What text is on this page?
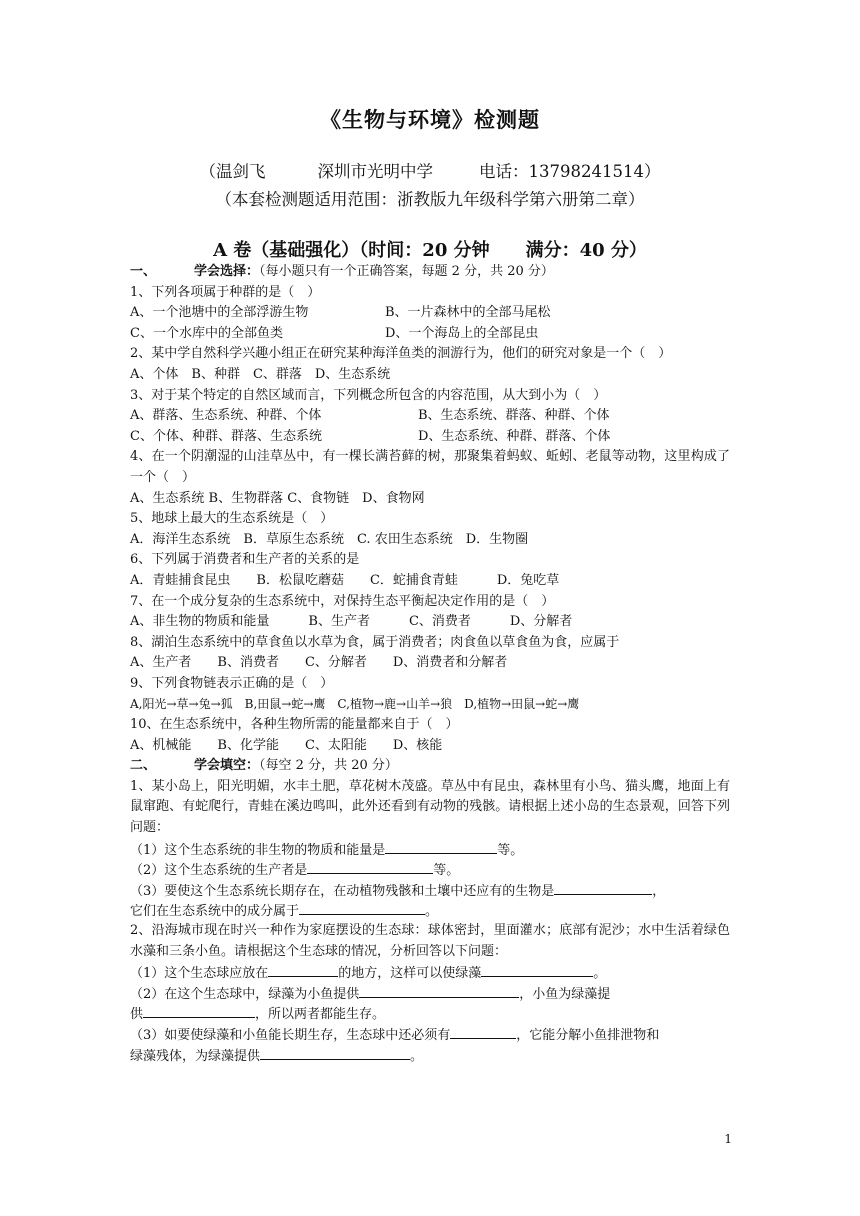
《生物与环境》检测题
（温剑飞	深圳市光明中学	电话：13798241514）
（本套检测题适用范围：浙教版九年级科学第六册第二章）
A 卷（基础强化）（时间：20 分钟 满分：40 分）
一、	学会选择：（每小题只有一个正确答案，每题 2 分，共 20 分）
1、下列各项属于种群的是（　）
A、一个池塘中的全部浮游生物	B、一片森林中的全部马尾松
C、一个水库中的全部鱼类	D、一个海岛上的全部昆虫
2、某中学自然科学兴趣小组正在研究某种海洋鱼类的洄游行为，他们的研究对象是一个（　）
A、个体　B、种群　C、群落　D、生态系统
3、对于某个特定的自然区域而言，下列概念所包含的内容范围，从大到小为（　）
A、群落、生态系统、种群、个体	B、生态系统、群落、种群、个体
C、个体、种群、群落、生态系统	D、生态系统、种群、群落、个体
4、在一个阴潮湿的山洼草丛中，有一棵长满苔藓的树，那聚集着蚂蚁、蚯蚓、老鼠等动物，这里构成了一个（　）
A、生态系统 B、生物群落 C、食物链　D、食物网
5、地球上最大的生态系统是（　）
A．海洋生态系统　B．草原生态系统　C. 农田生态系统　D．生物圈
6、下列属于消费者和生产者的关系的是
A．青蛙捕食昆虫　　B．松鼠吃蘑菇　　C．蛇捕食青蛙　　　D．兔吃草
7、在一个成分复杂的生态系统中，对保持生态平衡起决定作用的是（　）
A、非生物的物质和能量　　　B、生产者　　　C、消费者　　　D、分解者
8、湖泊生态系统中的草食鱼以水草为食，属于消费者；肉食鱼以草食鱼为食，应属于
A、生产者　　B、消费者　　C、分解者　　D、消费者和分解者
9、下列食物链表示正确的是（　）
A,阳光→草→兔→狐　B,田鼠→蛇→鹰　C,植物→鹿→山羊→狼　D,植物→田鼠→蛇→鹰
10、在生态系统中，各种生物所需的能量都来自于（　）
A、机械能　　B、化学能　　C、太阳能　　D、核能
二、	学会填空：（每空 2 分，共 20 分）
1、某小岛上，阳光明媚，水丰土肥，草花树木茂盛。草丛中有昆虫，森林里有小鸟、猫头鹰，地面上有鼠窜跑、有蛇爬行，青蛙在溪边鸣叫，此外还看到有动物的残骸。请根据上述小岛的生态景观，回答下列问题：
（1）这个生态系统的非生物的物质和能量是	等。
（2）这个生态系统的生产者是	等。
（3）要使这个生态系统长期存在，在动植物残骸和土壤中还应有的生物是	，
它们在生态系统中的成分属于	。
2、沿海城市现在时兴一种作为家庭摆设的生态球：球体密封，里面灌水；底部有泥沙；水中生活着绿色水藻和三条小鱼。请根据这个生态球的情况，分析回答以下问题：
（1）这个生态球应放在	的地方，这样可以使绿藻	。
（2）在这个生态球中，绿藻为小鱼提供	，小鱼为绿藻提
供	，所以两者都能生存。
（3）如要使绿藻和小鱼能长期生存，生态球中还必须有	，它能分解小鱼排泄物和
绿藻残体，为绿藻提供	。
1
